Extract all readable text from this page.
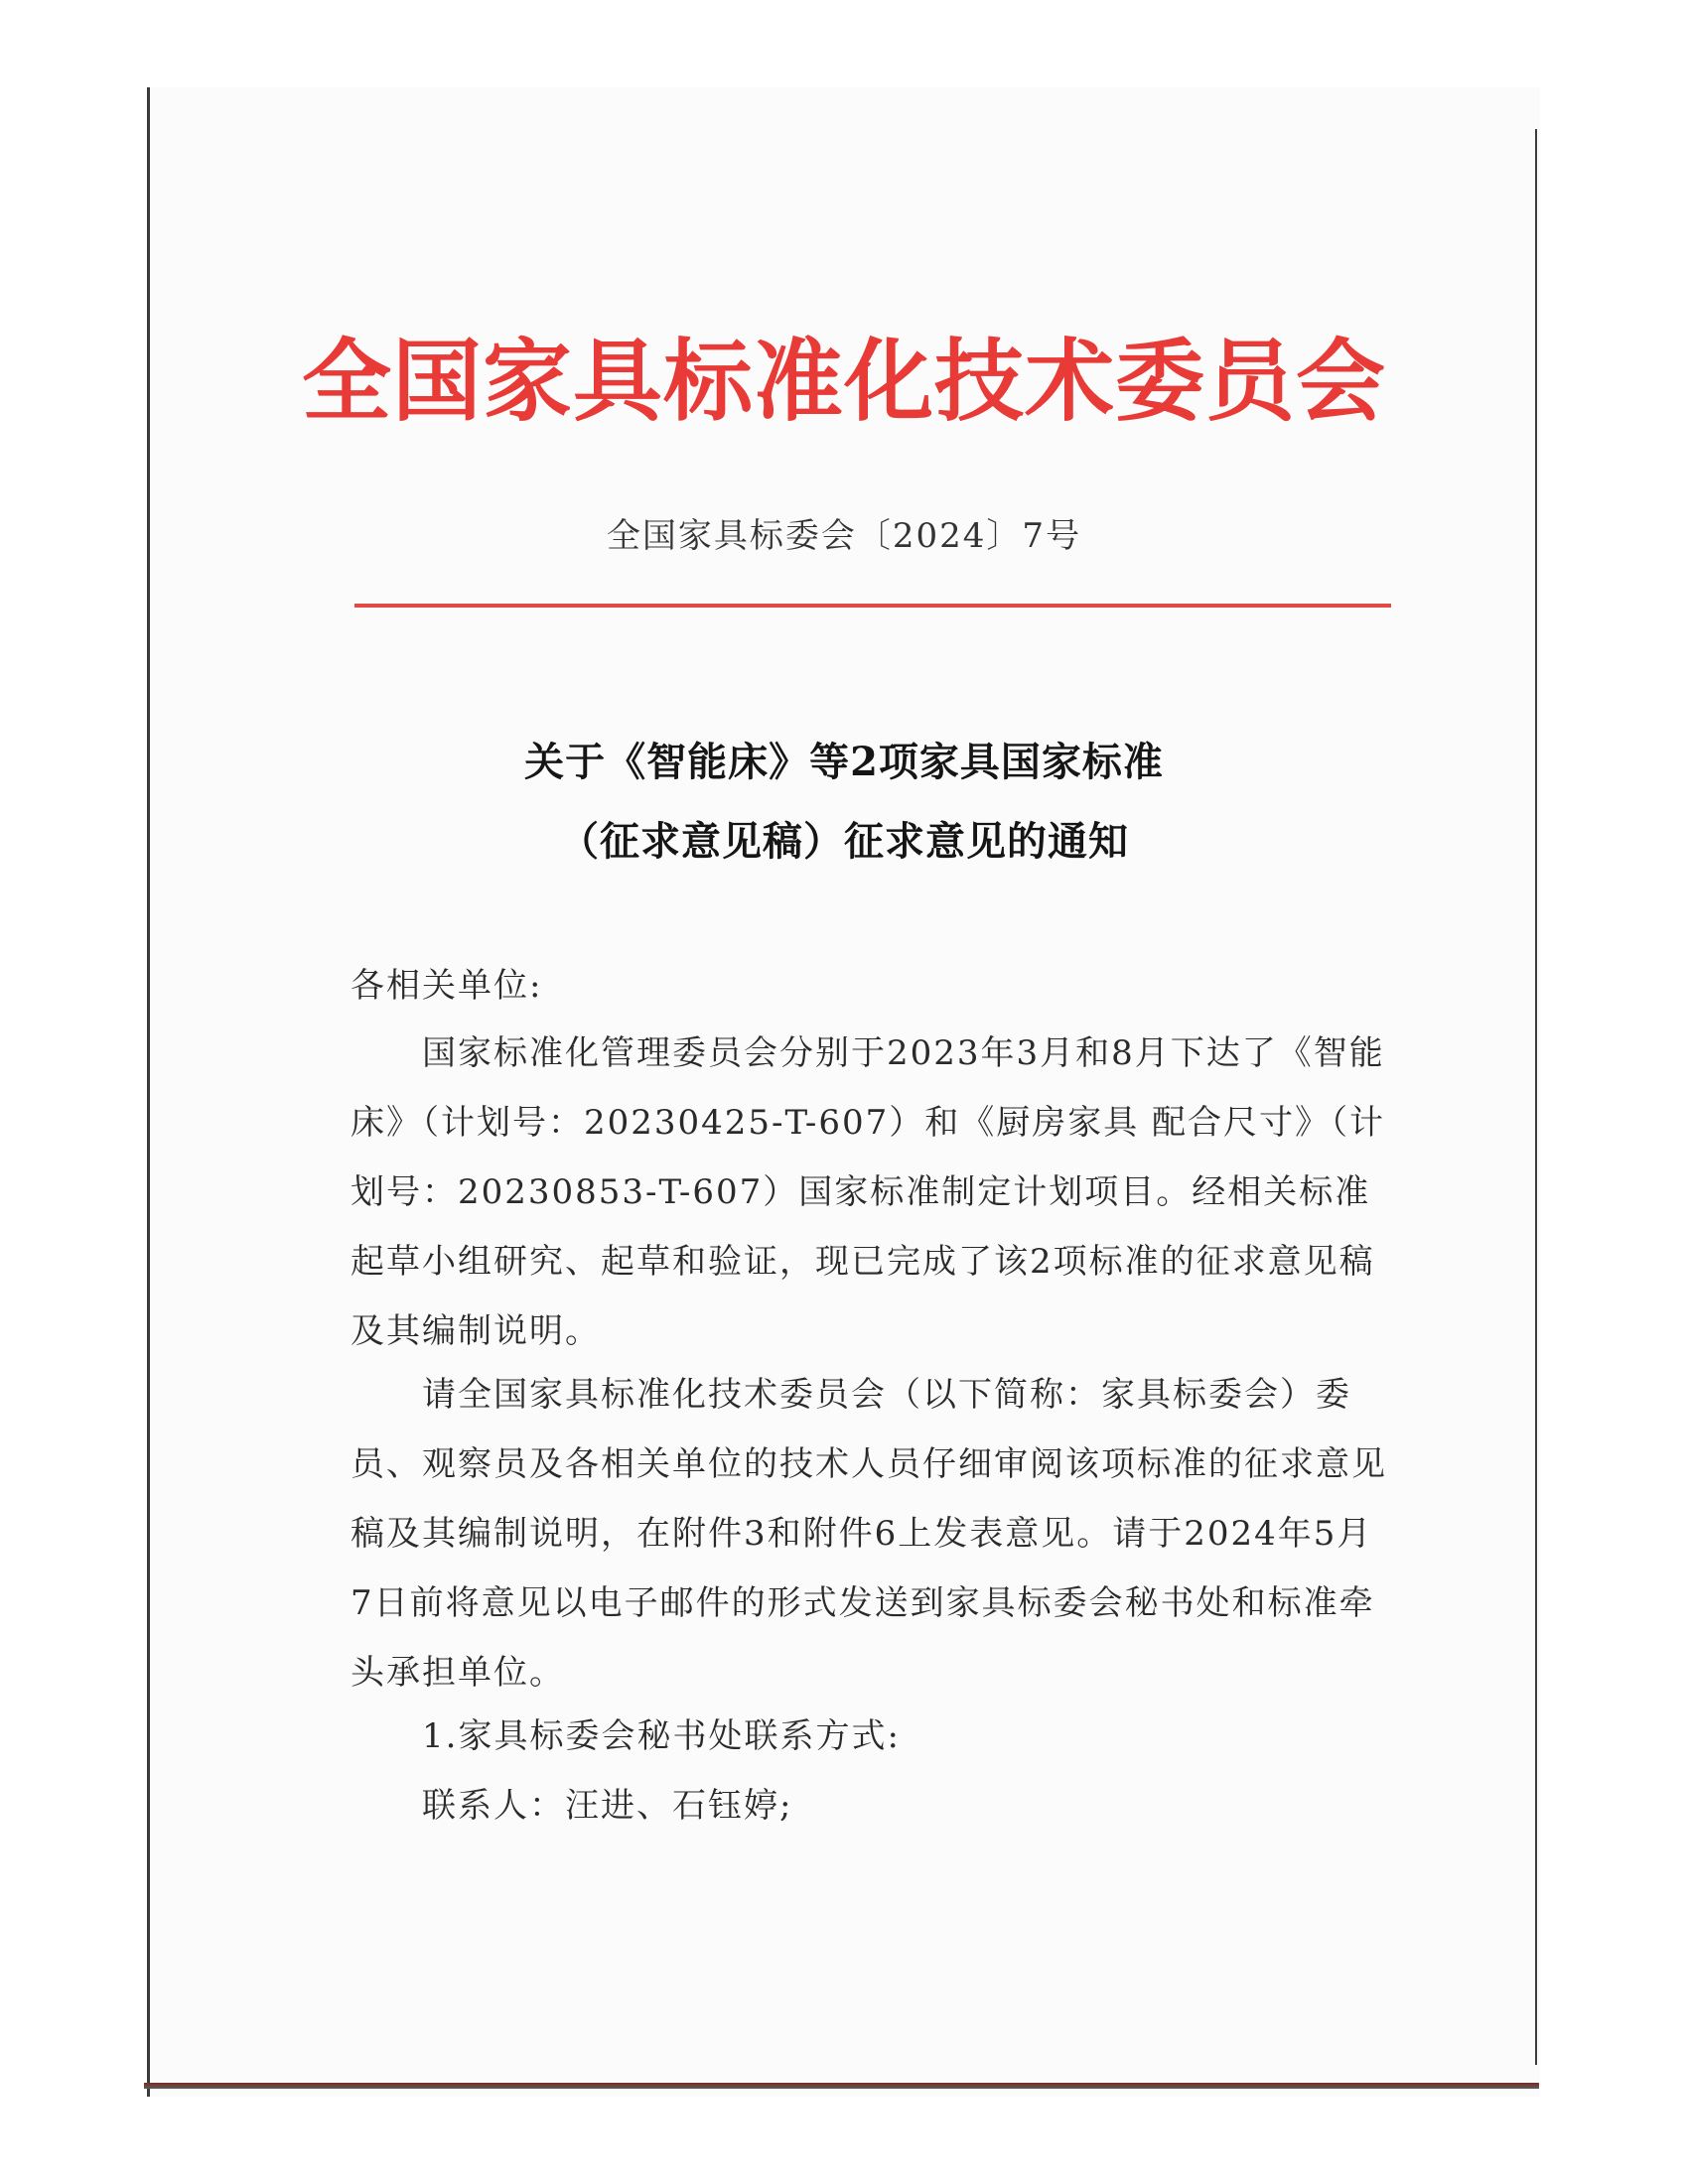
全国家具标准化技术委员会
全国家具标委会〔2024〕7号
关于《智能床》等2项家具国家标准
（征求意见稿）征求意见的通知
各相关单位:
国家标准化管理委员会分别于2023年3月和8月下达了《智能床》（计划号：20230425-T-607）和《厨房家具 配合尺寸》（计划号：20230853-T-607）国家标准制定计划项目。经相关标准起草小组研究、起草和验证，现已完成了该2项标准的征求意见稿及其编制说明。
请全国家具标准化技术委员会（以下简称：家具标委会）委员、观察员及各相关单位的技术人员仔细审阅该项标准的征求意见稿及其编制说明，在附件3和附件6上发表意见。请于2024年5月7日前将意见以电子邮件的形式发送到家具标委会秘书处和标准牵头承担单位。
1.家具标委会秘书处联系方式:
联系人：汪进、石钰婷;
